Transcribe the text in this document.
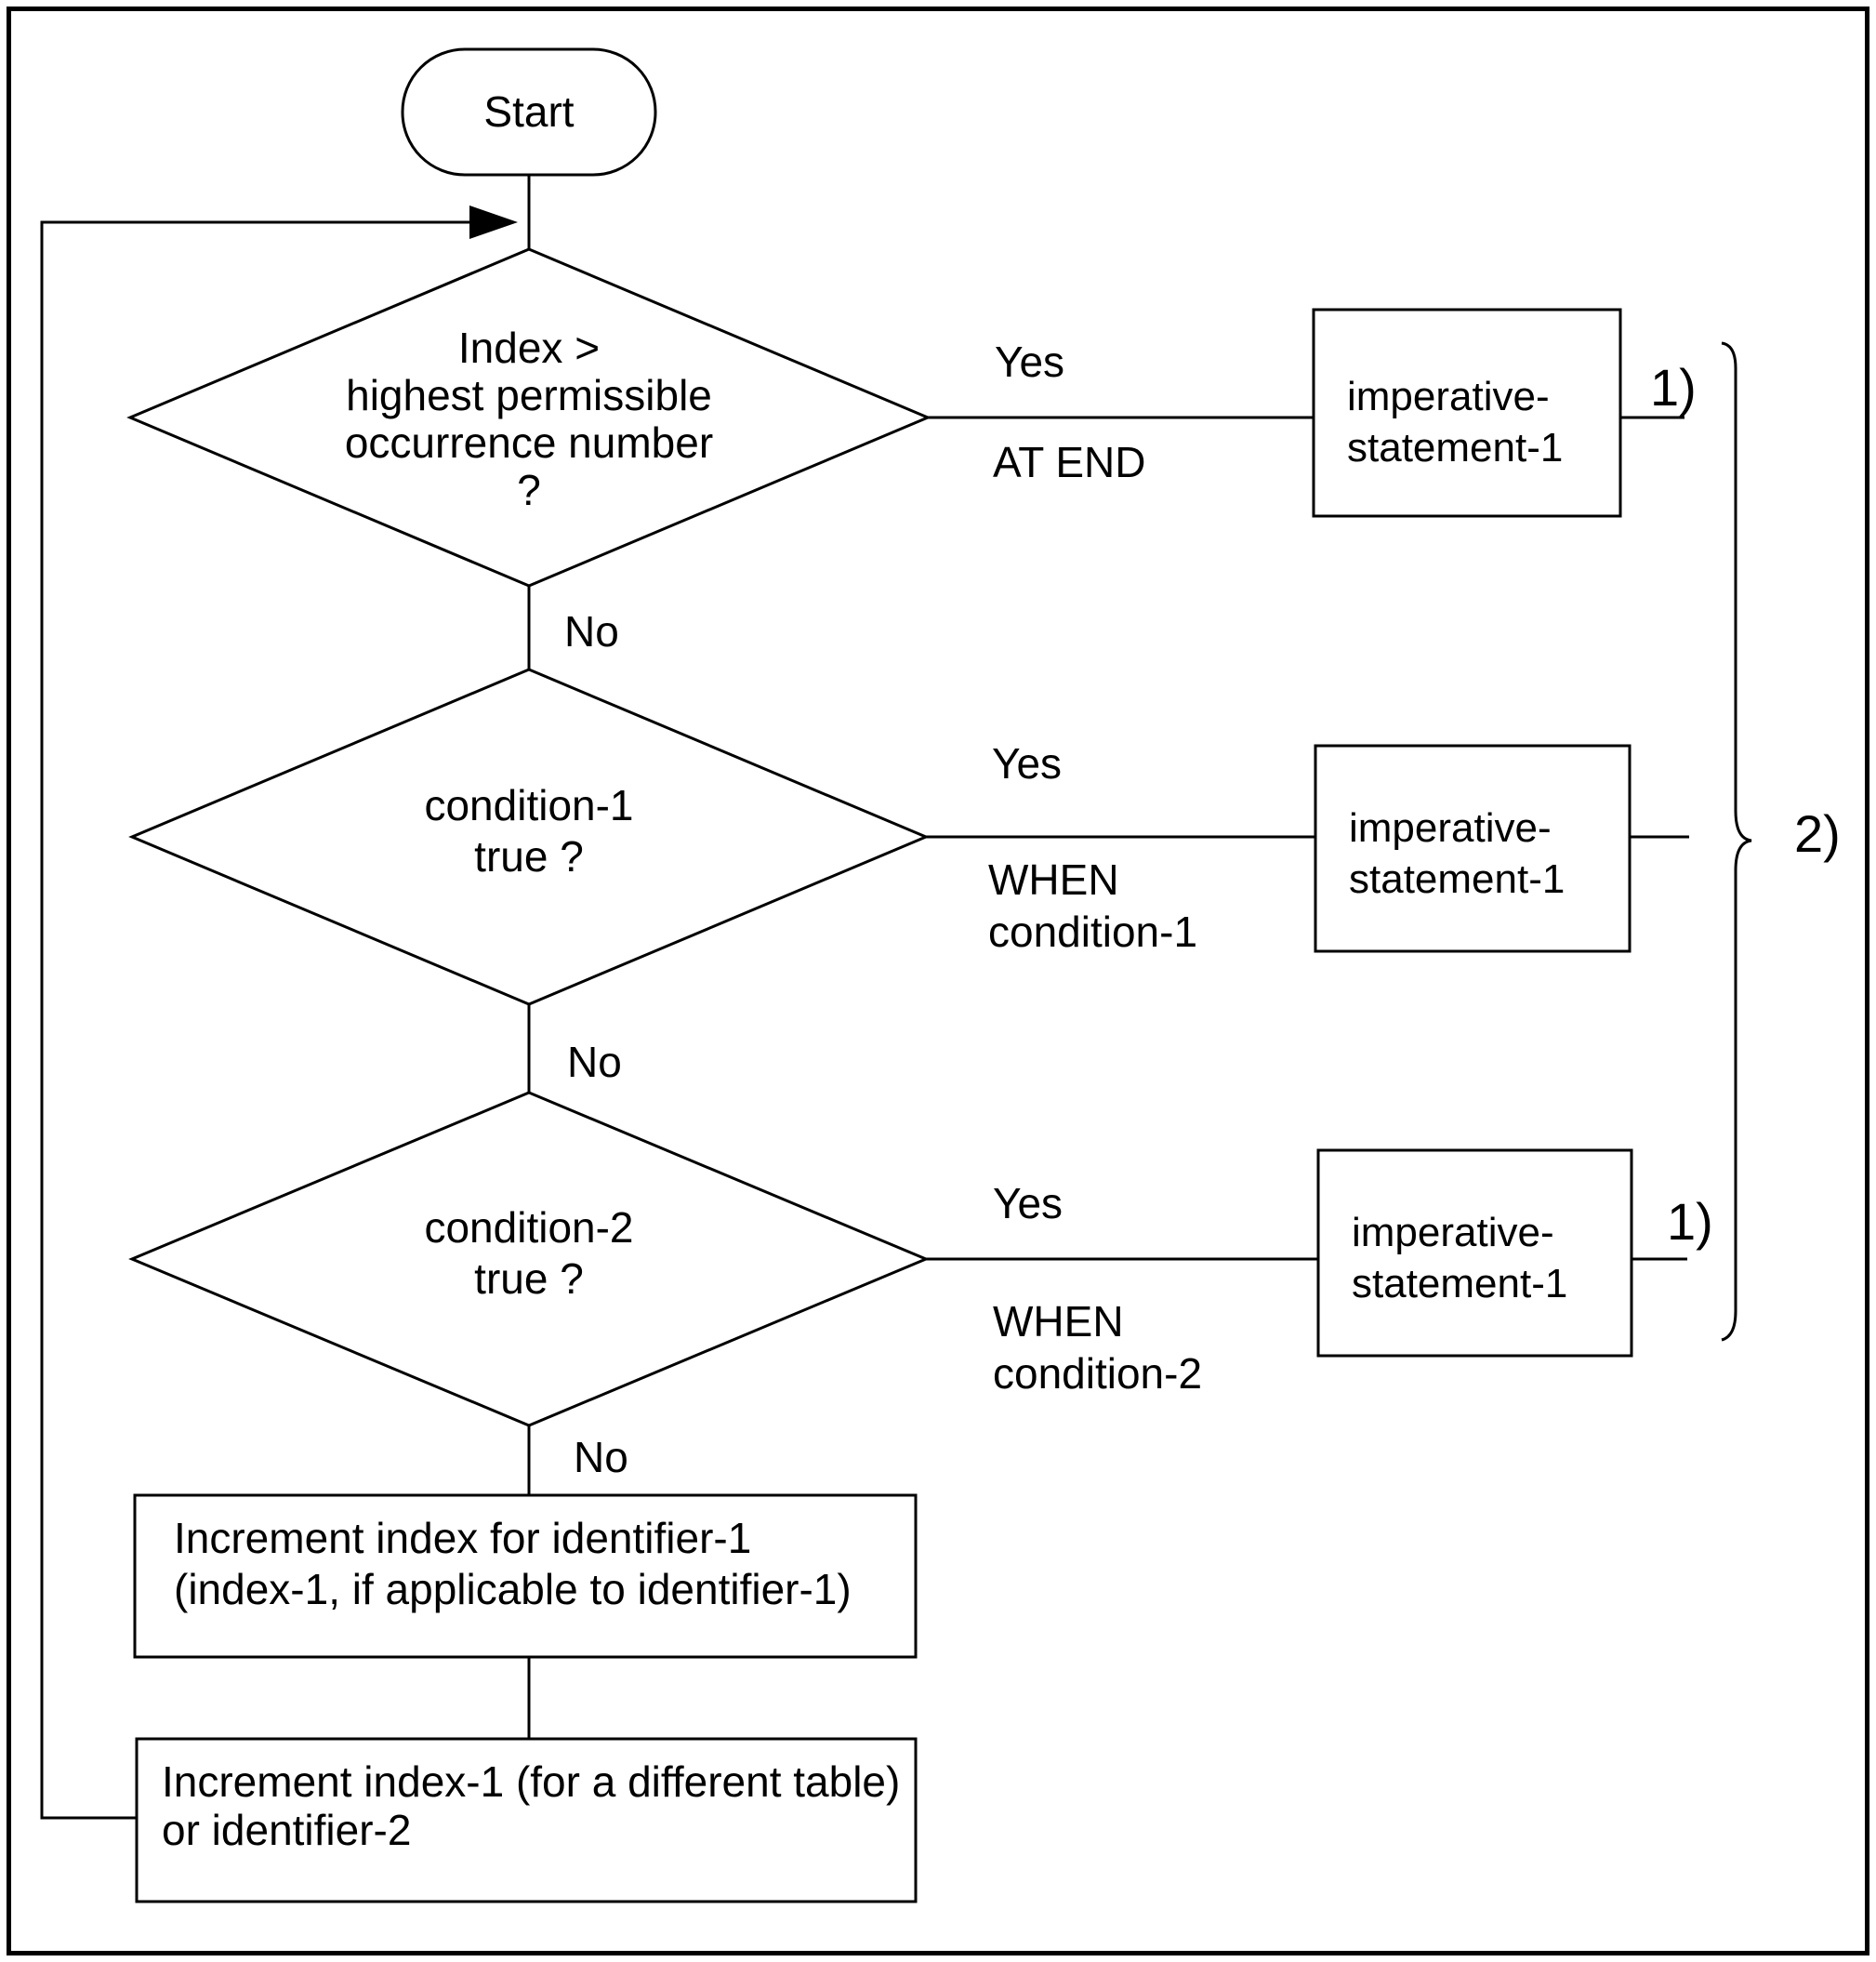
Start
Index >
highest permissible
occurrence number
?
Yes
AT END
imperative-
statement-1
1)
No
condition-1
true ?
Yes
WHEN
condition-1
imperative-
statement-1
No
condition-2
true ?
Yes
WHEN
condition-2
imperative-
statement-1
1)
2)
No
Increment index for identifier-1
(index-1, if applicable to identifier-1)
Increment index-1 (for a different table)
or identifier-2
